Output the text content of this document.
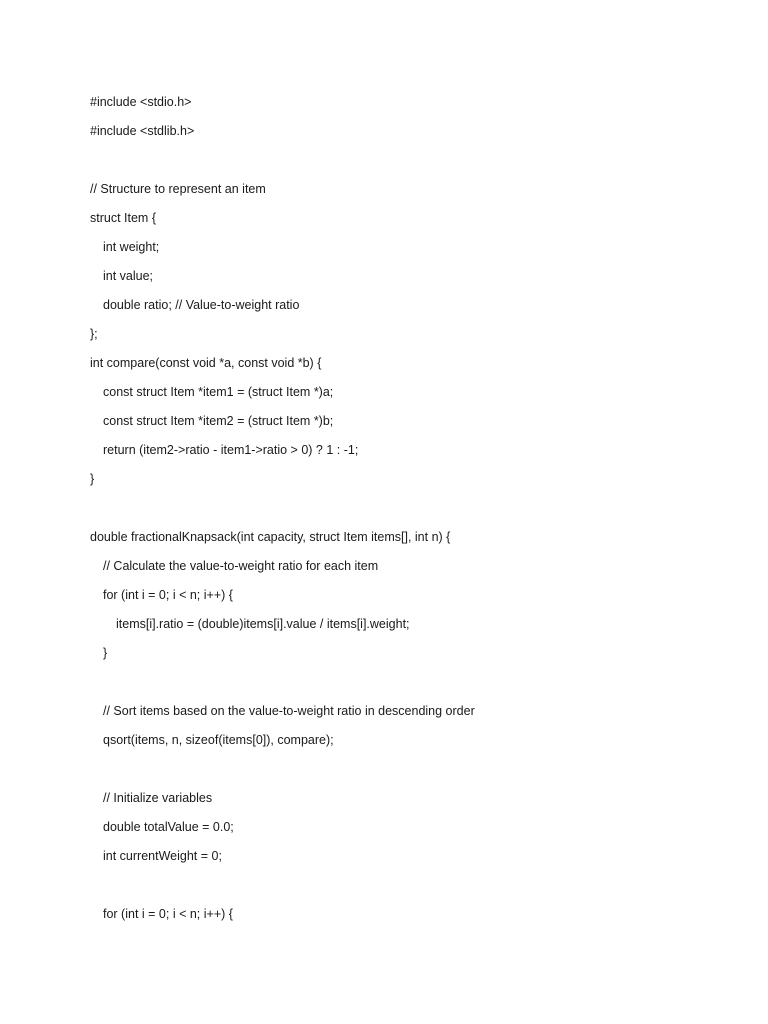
#include <stdio.h>
#include <stdlib.h>
// Structure to represent an item
struct Item {
int weight;
int value;
double ratio; // Value-to-weight ratio
};
int compare(const void *a, const void *b) {
const struct Item *item1 = (struct Item *)a;
const struct Item *item2 = (struct Item *)b;
return (item2->ratio - item1->ratio > 0) ? 1 : -1;
}
double fractionalKnapsack(int capacity, struct Item items[], int n) {
// Calculate the value-to-weight ratio for each item
for (int i = 0; i < n; i++) {
items[i].ratio = (double)items[i].value / items[i].weight;
}
// Sort items based on the value-to-weight ratio in descending order
qsort(items, n, sizeof(items[0]), compare);
// Initialize variables
double totalValue = 0.0;
int currentWeight = 0;
for (int i = 0; i < n; i++) {
